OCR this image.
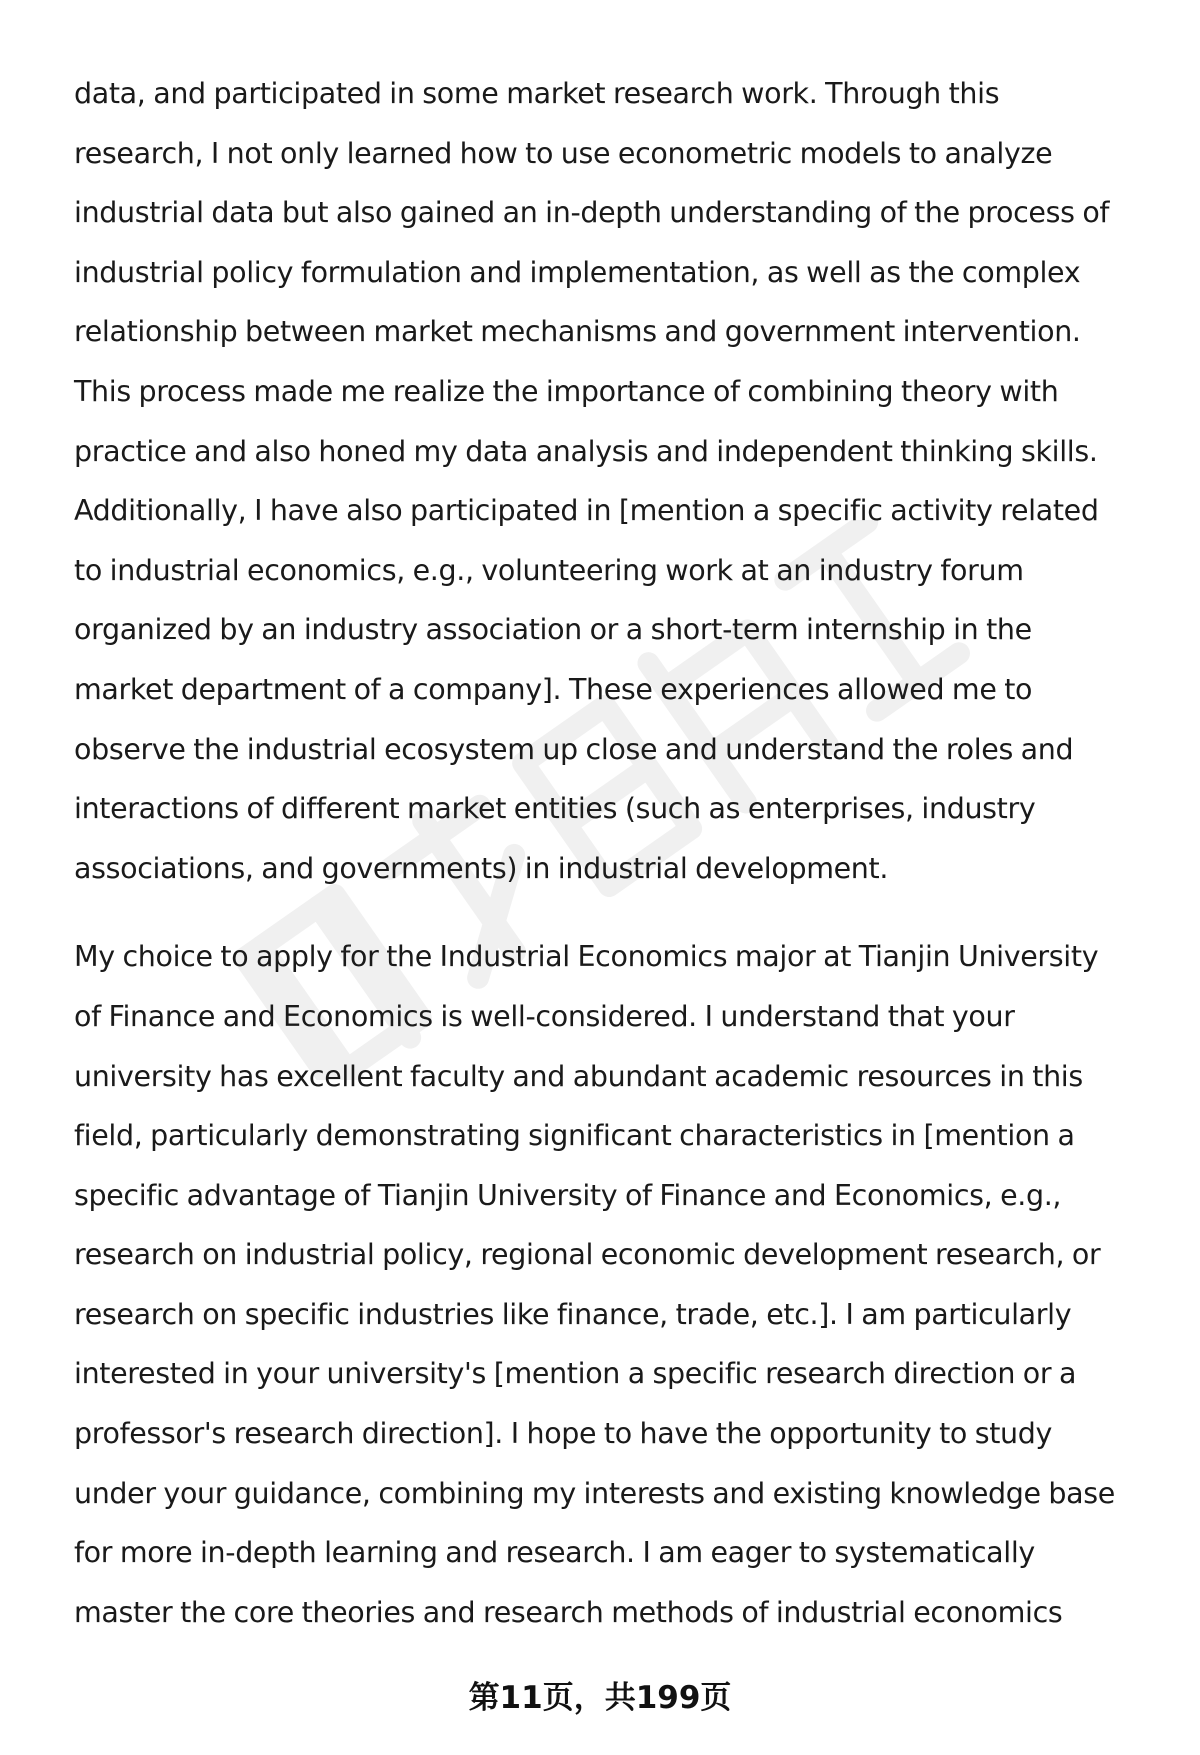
data, and participated in some market research work. Through this
research, I not only learned how to use econometric models to analyze
industrial data but also gained an in-depth understanding of the process of
industrial policy formulation and implementation, as well as the complex
relationship between market mechanisms and government intervention.
This process made me realize the importance of combining theory with
practice and also honed my data analysis and independent thinking skills.
Additionally, I have also participated in [mention a specific activity related
to industrial economics, e.g., volunteering work at an industry forum
organized by an industry association or a short-term internship in the
market department of a company]. These experiences allowed me to
observe the industrial ecosystem up close and understand the roles and
interactions of different market entities (such as enterprises, industry
associations, and governments) in industrial development.

My choice to apply for the Industrial Economics major at Tianjin University
of Finance and Economics is well-considered. I understand that your
university has excellent faculty and abundant academic resources in this
field, particularly demonstrating significant characteristics in [mention a
specific advantage of Tianjin University of Finance and Economics, e.g.,
research on industrial policy, regional economic development research, or
research on specific industries like finance, trade, etc.]. I am particularly
interested in your university's [mention a specific research direction or a
professor's research direction]. I hope to have the opportunity to study
under your guidance, combining my interests and existing knowledge base
for more in-depth learning and research. I am eager to systematically
master the core theories and research methods of industrial economics

第11页，共199页
